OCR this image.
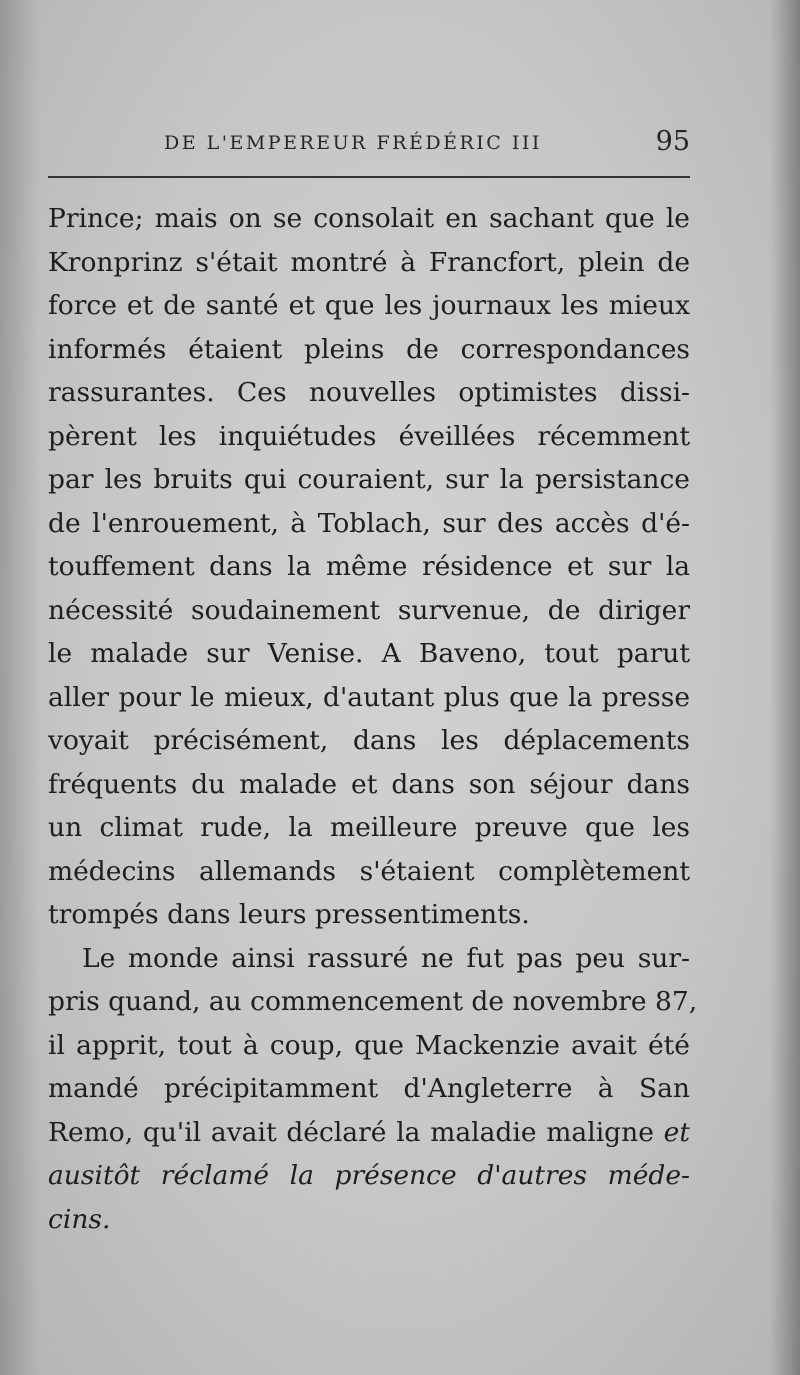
DE L'EMPEREUR FRÉDÉRIC III	95
Prince; mais on se consolait en sachant que le
Kronprinz s'était montré à Francfort, plein de
force et de santé et que les journaux les mieux
informés étaient pleins de correspondances
rassurantes. Ces nouvelles optimistes dissi-
pèrent les inquiétudes éveillées récemment
par les bruits qui couraient, sur la persistance
de l'enrouement, à Toblach, sur des accès d'é-
touffement dans la même résidence et sur la
nécessité soudainement survenue, de diriger
le malade sur Venise. A Baveno, tout parut
aller pour le mieux, d'autant plus que la presse
voyait précisément, dans les déplacements
fréquents du malade et dans son séjour dans
un climat rude, la meilleure preuve que les
médecins allemands s'étaient complètement
trompés dans leurs pressentiments.
Le monde ainsi rassuré ne fut pas peu sur-
pris quand, au commencement de novembre 87,
il apprit, tout à coup, que Mackenzie avait été
mandé précipitamment d'Angleterre à San
Remo, qu'il avait déclaré la maladie maligne et
ausitôt réclamé la présence d'autres méde-
cins.
